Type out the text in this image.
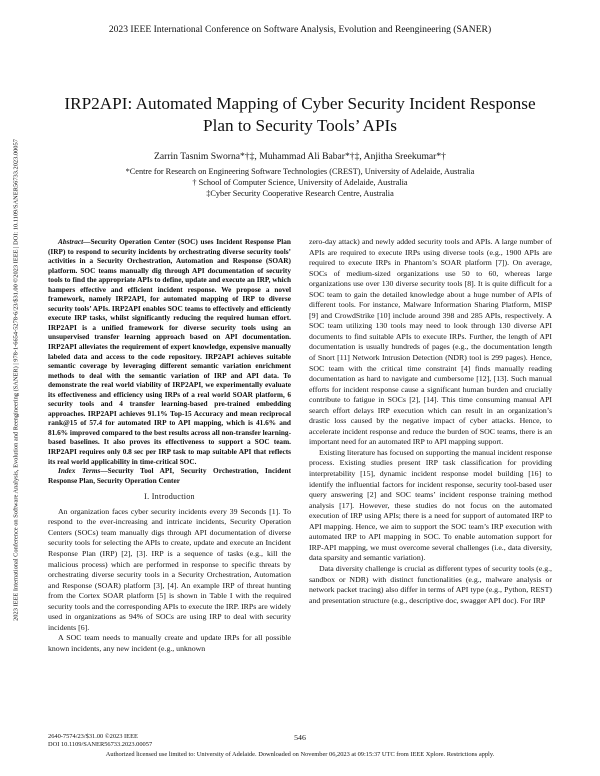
2023 IEEE International Conference on Software Analysis, Evolution and Reengineering (SANER)
2023 IEEE International Conference on Software Analysis, Evolution and Reengineering (SANER) | 978-1-6654-5278-6/23/$31.00 ©2023 IEEE | DOI: 10.1109/SANER56733.2023.00057
IRP2API: Automated Mapping of Cyber Security Incident Response Plan to Security Tools’ APIs
Zarrin Tasnim Sworna*†‡, Muhammad Ali Babar*†‡, Anjitha Sreekumar*†
*Centre for Research on Engineering Software Technologies (CREST), University of Adelaide, Australia
† School of Computer Science, University of Adelaide, Australia
‡Cyber Security Cooperative Research Centre, Australia

Abstract—Security Operation Center (SOC) uses Incident Response Plan (IRP) to respond to security incidents by orchestrating diverse security tools’ activities in a Security Orchestration, Automation and Response (SOAR) platform. SOC teams manually dig through API documentation of security tools to find the appropriate APIs to define, update and execute an IRP, which hampers effective and efficient incident response. We propose a novel framework, namely IRP2API, for automated mapping of IRP to diverse security tools’ APIs. IRP2API enables SOC teams to effectively and efficiently execute IRP tasks, whilst significantly reducing the required human effort. IRP2API is a unified framework for diverse security tools using an unsupervised transfer learning approach based on API documentation. IRP2API alleviates the requirement of expert knowledge, expensive manually labeled data and access to the code repository. IRP2API achieves suitable semantic coverage by leveraging different semantic variation enrichment methods to deal with the semantic variation of IRP and API data. To demonstrate the real world viability of IRP2API, we experimentally evaluate its effectiveness and efficiency using IRPs of a real world SOAR platform, 6 security tools and 4 transfer learning-based pre-trained embedding approaches. IRP2API achieves 91.1% Top-15 Accuracy and mean reciprocal rank@15 of 57.4 for automated IRP to API mapping, which is 41.6% and 81.6% improved compared to the best results across all non-transfer learning-based baselines. It also proves its effectiveness to support a SOC team. IRP2API requires only 0.8 sec per IRP task to map suitable API that reflects its real world applicability in time-critical SOC.

Index Terms—Security Tool API, Security Orchestration, Incident Response Plan, Security Operation Center

I. Introduction

An organization faces cyber security incidents every 39 Seconds [1]. To respond to the ever-increasing and intricate incidents, Security Operation Centers (SOCs) team manually digs through API documentation of diverse security tools for selecting the APIs to create, update and execute an Incident Response Plan (IRP) [2], [3]. IRP is a sequence of tasks (e.g., kill the malicious process) which are performed in response to specific threats by orchestrating diverse security tools in a Security Orchestration, Automation and Response (SOAR) platform [3], [4]. An example IRP of threat hunting from the Cortex SOAR platform [5] is shown in Table I with the required security tools and the corresponding APIs to execute the IRP. IRPs are widely used in organizations as 94% of SOCs are using IRP to deal with security incidents [6].

A SOC team needs to manually create and update IRPs for all possible known incidents, any new incident (e.g., unknown

zero-day attack) and newly added security tools and APIs. A large number of APIs are required to execute IRPs using diverse tools (e.g., 1900 APIs are required to execute IRPs in Phantom’s SOAR platform [7]). On average, SOCs of medium-sized organizations use 50 to 60, whereas large organizations use over 130 diverse security tools [8]. It is quite difficult for a SOC team to gain the detailed knowledge about a huge number of APIs of different tools. For instance, Malware Information Sharing Platform, MISP [9] and CrowdStrike [10] include around 398 and 285 APIs, respectively. A SOC team utilizing 130 tools may need to look through 130 diverse API documents to find suitable APIs to execute IRPs. Further, the length of API documentation is usually hundreds of pages (e.g., the documentation length of Snort [11] Network Intrusion Detection (NDR) tool is 299 pages). Hence, SOC team with the critical time constraint [4] finds manually reading documentation as hard to navigate and cumbersome [12], [13]. Such manual efforts for incident response cause a significant human burden and crucially contribute to fatigue in SOCs [2], [14]. This time consuming manual API search effort delays IRP execution which can result in an organization’s drastic loss caused by the negative impact of cyber attacks. Hence, to accelerate incident response and reduce the burden of SOC teams, there is an important need for an automated IRP to API mapping support.

Existing literature has focused on supporting the manual incident response process. Existing studies present IRP task classification for providing interpretability [15], dynamic incident response model building [16] to identify the influential factors for incident response, security tool-based user query answering [2] and SOC teams’ incident response training method analysis [17]. However, these studies do not focus on the automated execution of IRP using APIs; there is a need for support of automated IRP to API mapping. Hence, we aim to support the SOC team’s IRP execution with automated IRP to API mapping in SOC. To enable automation support for IRP-API mapping, we must overcome several challenges (i.e., data diversity, data sparsity and semantic variation).

Data diversity challenge is crucial as different types of security tools (e.g., sandbox or NDR) with distinct functionalities (e.g., malware analysis or network packet tracing) also differ in terms of API type (e.g., Python, REST) and presentation structure (e.g., descriptive doc, swagger API doc). For IRP

2640-7574/23/$31.00 ©2023 IEEE
DOI 10.1109/SANER56733.2023.00057
546
Authorized licensed use limited to: University of Adelaide. Downloaded on November 06,2023 at 09:15:37 UTC from IEEE Xplore. Restrictions apply.
